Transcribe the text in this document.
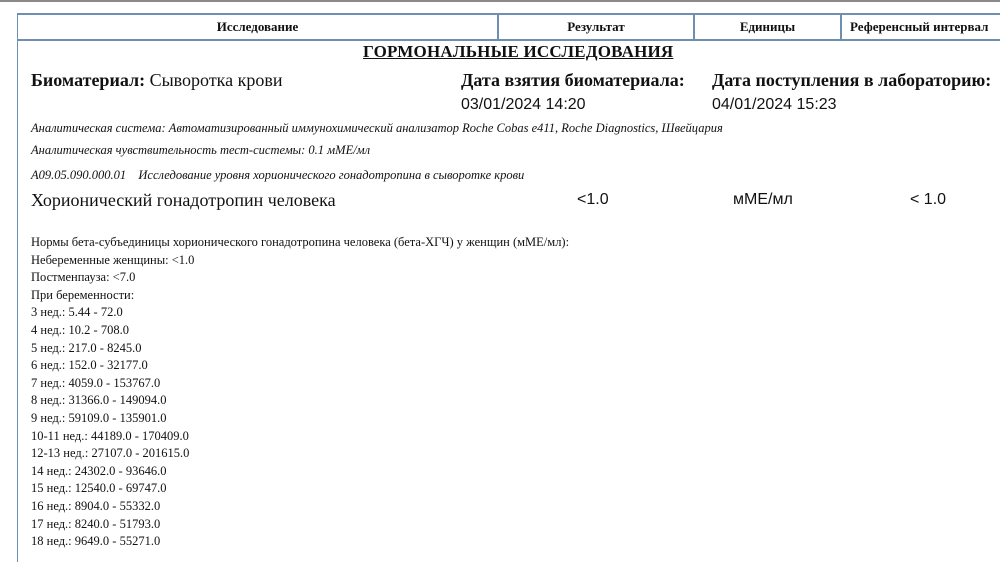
Исследование	Результат	Единицы	Референсный интервал
ГОРМОНАЛЬНЫЕ ИССЛЕДОВАНИЯ
Биоматериал: Сыворотка крови	Дата взятия биоматериала:
03/01/2024 14:20
Дата поступления в лабораторию:
04/01/2024 15:23
Аналитическая система: Автоматизированный иммунохимический анализатор Roche Cobas e411, Roche Diagnostics, Швейцария
Аналитическая чувствительность тест-системы: 0.1 мМЕ/мл
A09.05.090.000.01 Исследование уровня хорионического гонадотропина в сыворотке крови
Хорионический гонадотропин человека	<1.0	мМЕ/мл	< 1.0
Нормы бета-субъединицы хорионического гонадотропина человека (бета-ХГЧ) у женщин (мМЕ/мл):
Небеременные женщины: <1.0
Постменпауза: <7.0
При беременности:
3 нед.: 5.44 - 72.0
4 нед.: 10.2 - 708.0
5 нед.: 217.0 - 8245.0
6 нед.: 152.0 - 32177.0
7 нед.: 4059.0 - 153767.0
8 нед.: 31366.0 - 149094.0
9 нед.: 59109.0 - 135901.0
10-11 нед.: 44189.0 - 170409.0
12-13 нед.: 27107.0 - 201615.0
14 нед.: 24302.0 - 93646.0
15 нед.: 12540.0 - 69747.0
16 нед.: 8904.0 - 55332.0
17 нед.: 8240.0 - 51793.0
18 нед.: 9649.0 - 55271.0
